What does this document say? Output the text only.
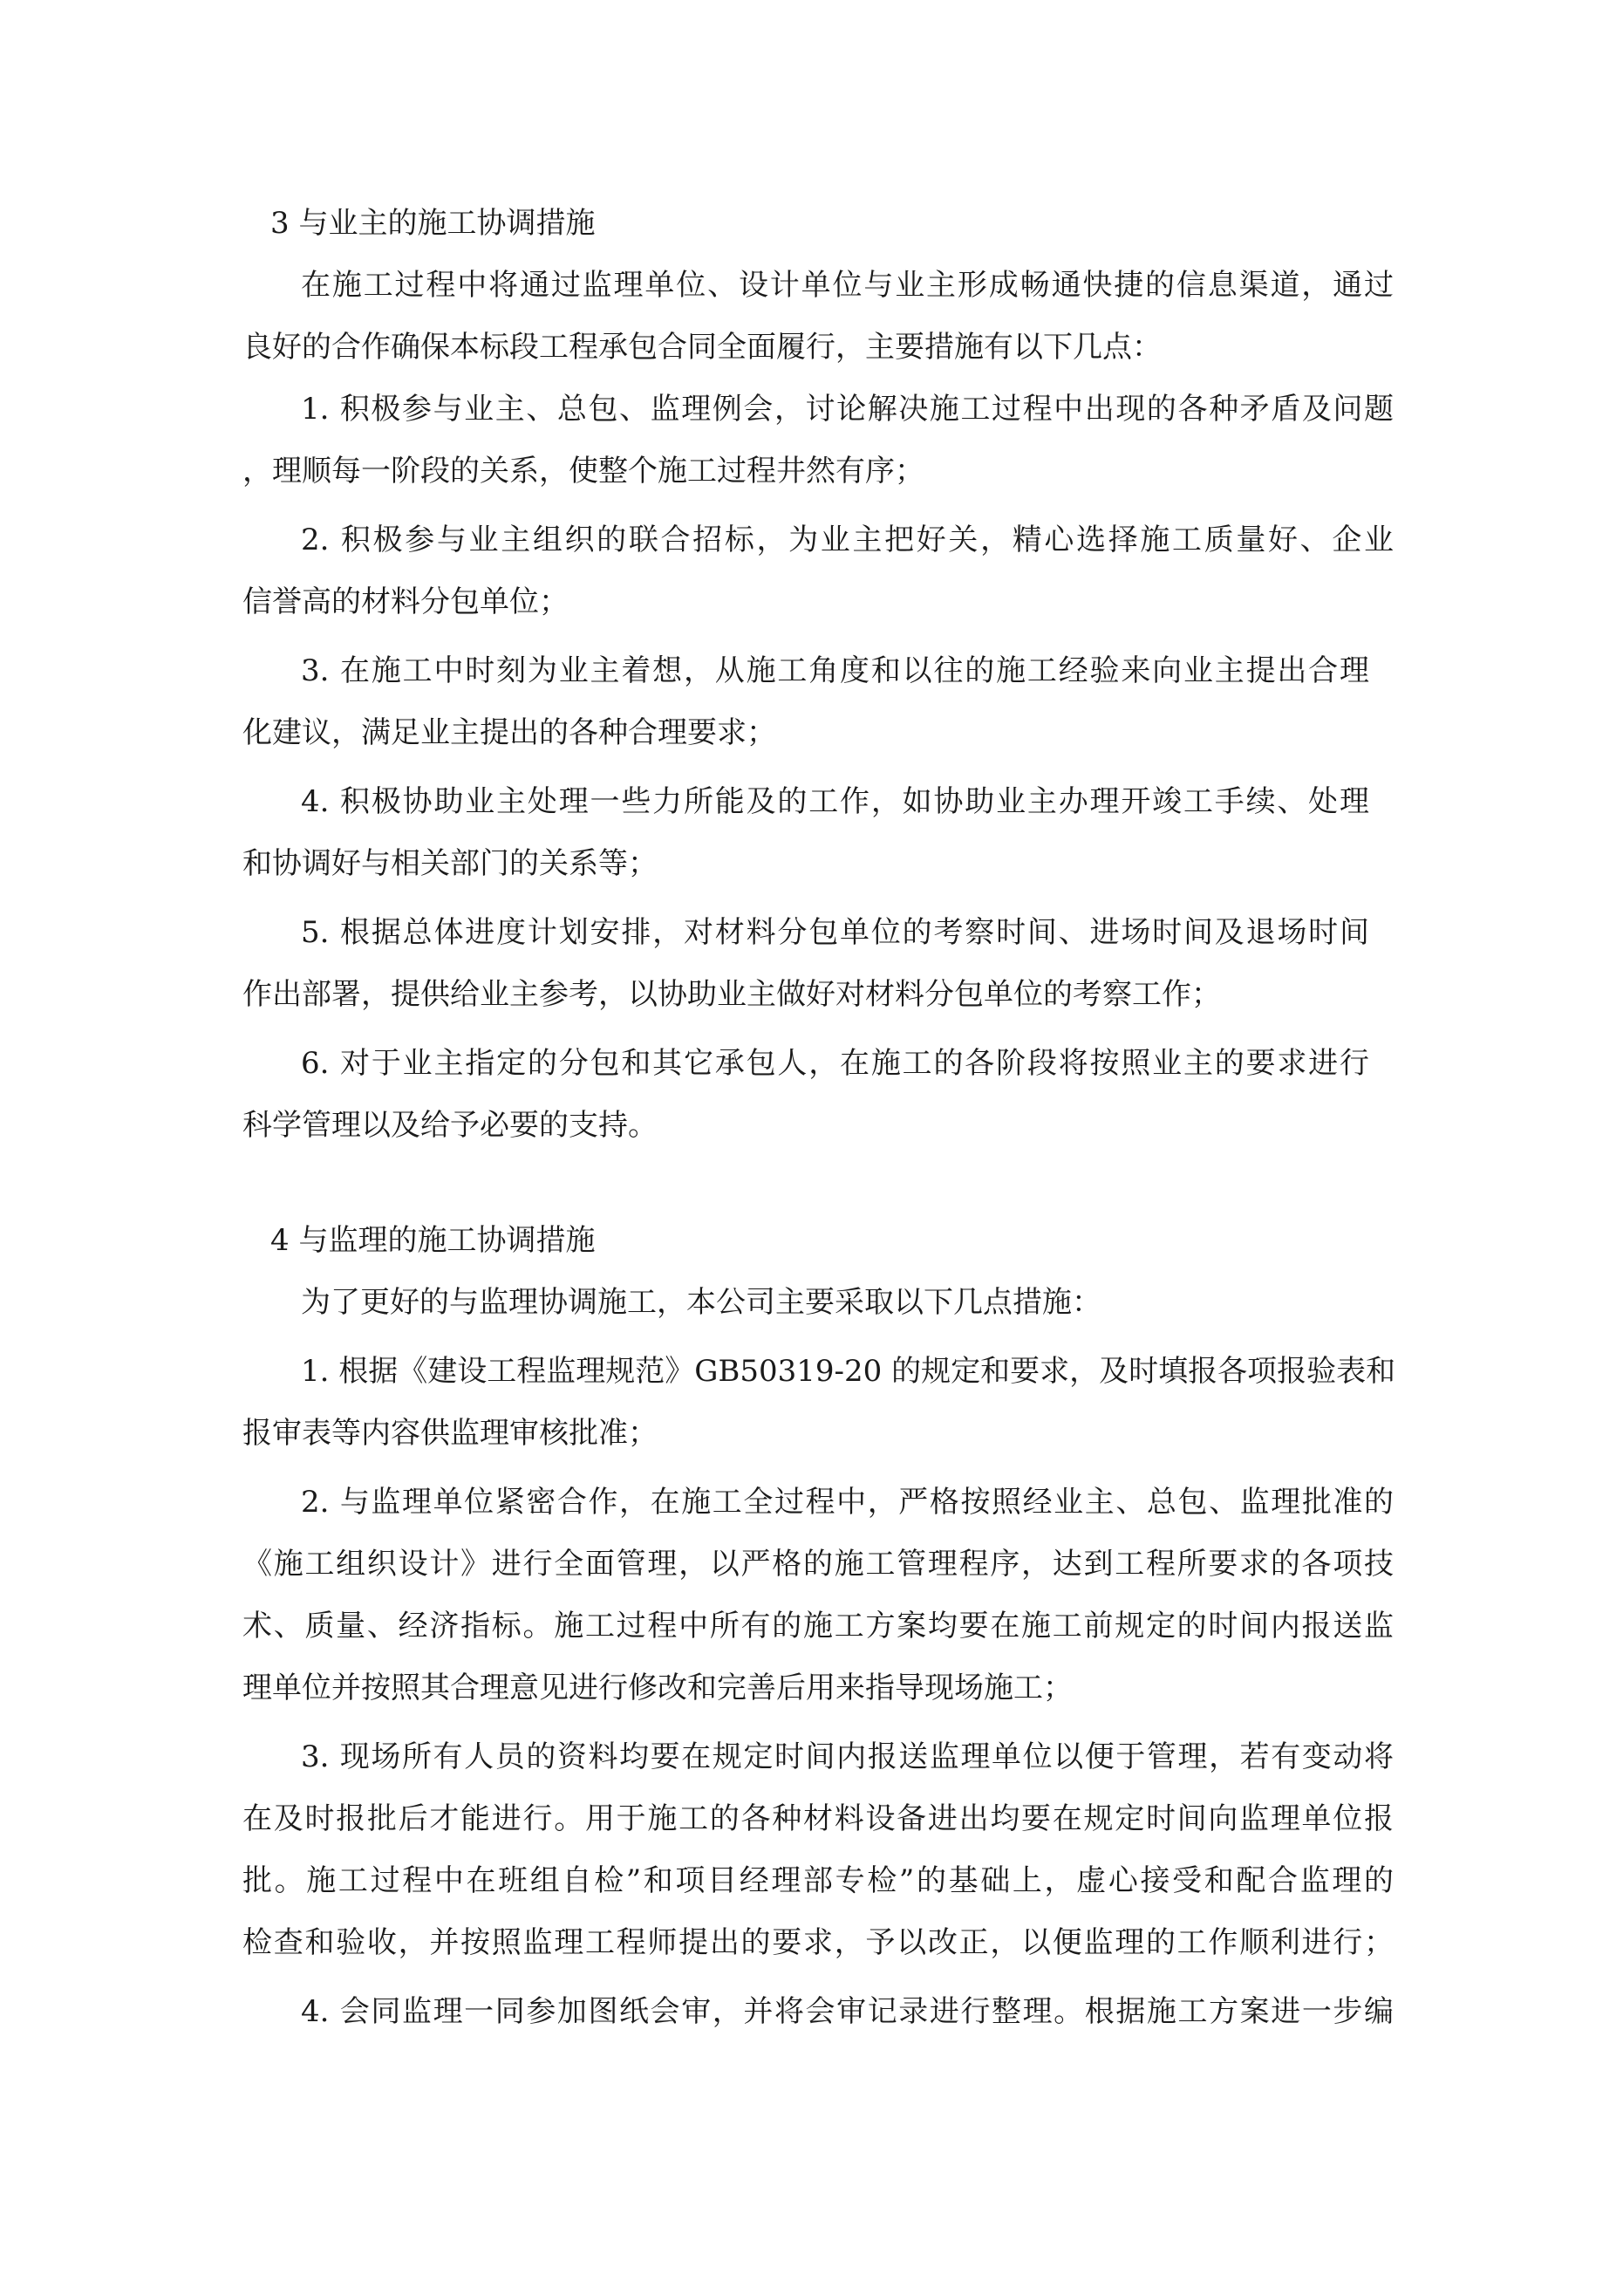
3 与业主的施工协调措施
在施工过程中将通过监理单位、设计单位与业主形成畅通快捷的信息渠道，通过
良好的合作确保本标段工程承包合同全面履行，主要措施有以下几点：
1. 积极参与业主、总包、监理例会，讨论解决施工过程中出现的各种矛盾及问题
，理顺每一阶段的关系，使整个施工过程井然有序；
2. 积极参与业主组织的联合招标，为业主把好关，精心选择施工质量好、企业
信誉高的材料分包单位；
3. 在施工中时刻为业主着想，从施工角度和以往的施工经验来向业主提出合理
化建议，满足业主提出的各种合理要求；
4. 积极协助业主处理一些力所能及的工作，如协助业主办理开竣工手续、处理
和协调好与相关部门的关系等；
5. 根据总体进度计划安排，对材料分包单位的考察时间、进场时间及退场时间
作出部署，提供给业主参考，以协助业主做好对材料分包单位的考察工作；
6. 对于业主指定的分包和其它承包人，在施工的各阶段将按照业主的要求进行
科学管理以及给予必要的支持。
4 与监理的施工协调措施
为了更好的与监理协调施工，本公司主要采取以下几点措施：
1. 根据《建设工程监理规范》GB50319-20 的规定和要求，及时填报各项报验表和
报审表等内容供监理审核批准；
2. 与监理单位紧密合作，在施工全过程中，严格按照经业主、总包、监理批准的
《施工组织设计》进行全面管理，以严格的施工管理程序，达到工程所要求的各项技
术、质量、经济指标。施工过程中所有的施工方案均要在施工前规定的时间内报送监
理单位并按照其合理意见进行修改和完善后用来指导现场施工；
3. 现场所有人员的资料均要在规定时间内报送监理单位以便于管理，若有变动将
在及时报批后才能进行。用于施工的各种材料设备进出均要在规定时间向监理单位报
批。施工过程中在班组自检”和项目经理部专检”的基础上，虚心接受和配合监理的
检查和验收，并按照监理工程师提出的要求，予以改正，以便监理的工作顺利进行；
4. 会同监理一同参加图纸会审，并将会审记录进行整理。根据施工方案进一步编
